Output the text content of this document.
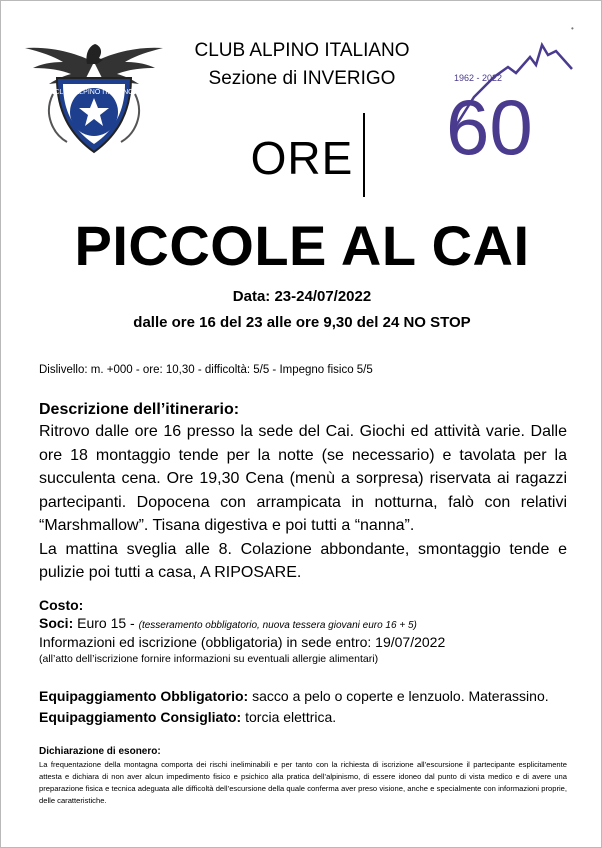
CLUB ALPINO ITALIANO
CLUB ALPINO ITALIANO
Sezione di INVERIGO	1962 - 2022
60
•
ORE
PICCOLE AL CAI
Data: 23-24/07/2022
dalle ore 16 del 23 alle ore 9,30 del 24 NO STOP
Dislivello: m. +000 - ore: 10,30 - difficoltà: 5/5 - Impegno fisico 5/5
Descrizione dell’itinerario:

Ritrovo dalle ore 16 presso la sede del Cai. Giochi ed attività varie. Dalle ore 18 montaggio tende per la notte (se necessario) e tavolata per la succulenta cena. Ore 19,30 Cena (menù a sorpresa) riservata ai ragazzi partecipanti. Dopocena con arrampicata in notturna, falò con relativi “Marshmallow”. Tisana digestiva e poi tutti a “nanna”.

La mattina sveglia alle 8. Colazione abbondante, smontaggio tende e pulizie poi tutti a casa, A RIPOSARE.

Costo:
Soci: Euro 15 - (tesseramento obbligatorio, nuova tessera giovani euro 16 + 5)
Informazioni ed iscrizione (obbligatoria) in sede entro: 19/07/2022
(all’atto dell’iscrizione fornire informazioni su eventuali allergie alimentari)
Equipaggiamento Obbligatorio: sacco a pelo o coperte e lenzuolo. Materassino.
Equipaggiamento Consigliato: torcia elettrica.
Dichiarazione di esonero:
La frequentazione della montagna comporta dei rischi ineliminabili e per tanto con la richiesta di iscrizione all’escursione il partecipante esplicitamente attesta e dichiara di non aver alcun impedimento fisico e psichico alla pratica dell’alpinismo, di essere idoneo dal punto di vista medico e di avere una preparazione fisica e tecnica adeguata alle difficoltà dell’escursione della quale conferma aver preso visione, anche e specialmente con informazioni proprie, delle caratteristiche.
